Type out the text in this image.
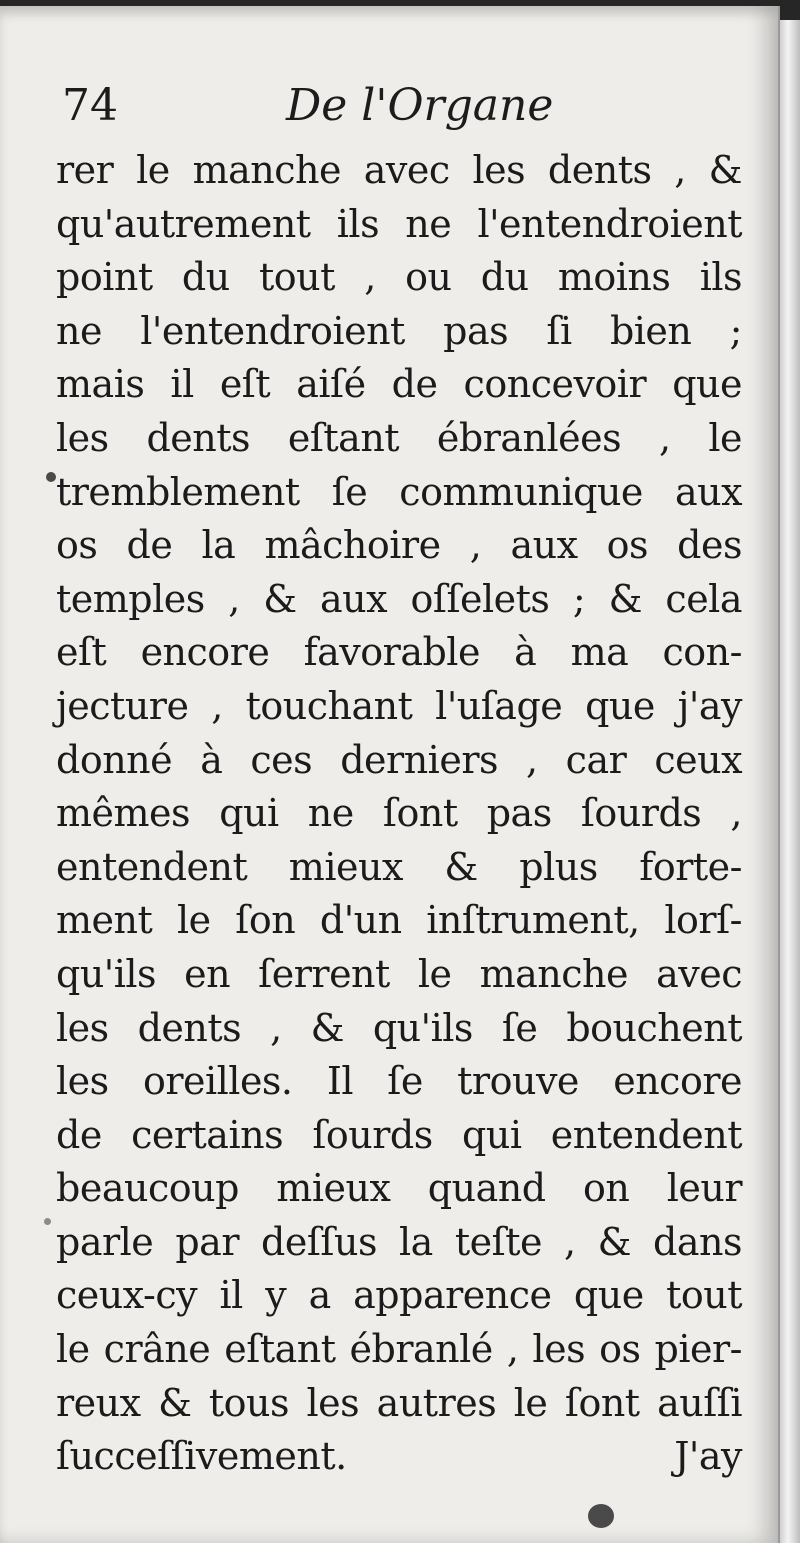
74	De l'Organe
rer le manche avec les dents , &
qu'autrement ils ne l'entendroient
point du tout , ou du moins ils
ne l'entendroient pas ſi bien ;
mais il eſt aiſé de concevoir que
les dents eſtant ébranlées , le
tremblement ſe communique aux
os de la mâchoire , aux os des
temples , & aux oſſelets ; & cela
eſt encore favorable à ma con-
jecture , touchant l'uſage que j'ay
donné à ces derniers , car ceux
mêmes qui ne ſont pas ſourds ,
entendent mieux & plus forte-
ment le ſon d'un inſtrument, lorſ-
qu'ils en ſerrent le manche avec
les dents , & qu'ils ſe bouchent
les oreilles. Il ſe trouve encore
de certains ſourds qui entendent
beaucoup mieux quand on leur
parle par deſſus la teſte , & dans
ceux-cy il y a apparence que tout
le crâne eſtant ébranlé , les os pier-
reux & tous les autres le ſont auſſi
ſucceſſivement. J'ay
